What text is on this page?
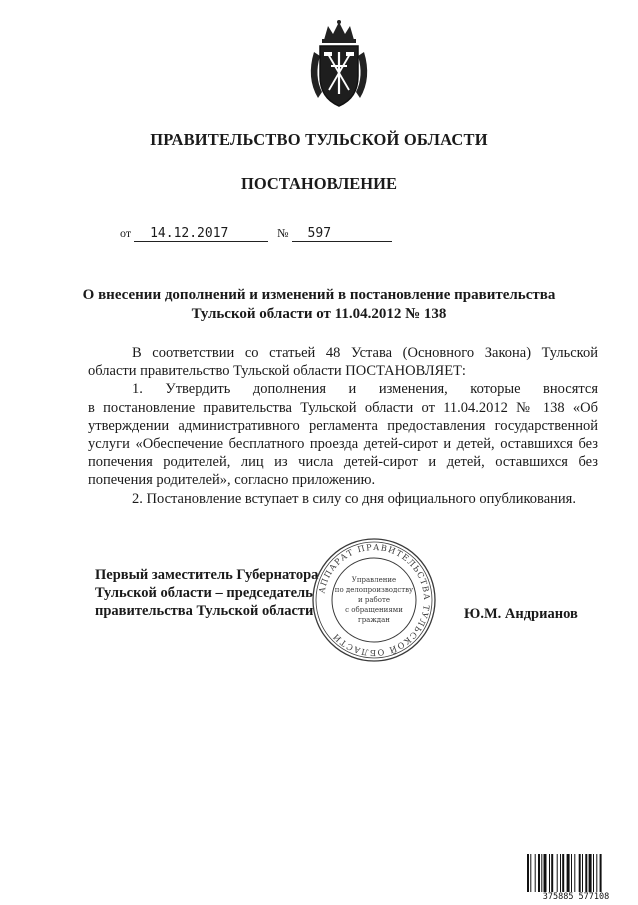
ПРАВИТЕЛЬСТВО ТУЛЬСКОЙ ОБЛАСТИ
ПОСТАНОВЛЕНИЕ
от 14.12.2017	№ 597
О внесении дополнений и изменений в постановление правительства
Тульской области от 11.04.2012 № 138
В соответствии со статьей 48 Устава (Основного Закона) Тульской
области правительство Тульской области ПОСТАНОВЛЯЕТ:
1. Утвердить дополнения и изменения, которые вносятся
в постановление правительства Тульской области от 11.04.2012 № 138 «Об утверждении административного регламента предоставления государственной услуги «Обеспечение бесплатного проезда детей-сирот и детей, оставшихся без попечения родителей, лиц из числа детей-сирот и детей, оставшихся без попечения родителей», согласно приложению.
2. Постановление вступает в силу со дня официального опубликования.
Первый заместитель Губернатора
Тульской области – председатель
правительства Тульской области
АППАРАТ ПРАВИТЕЛЬСТВА ТУЛЬСКОЙ ОБЛАСТИ
Управление
по делопроизводству
и работе
с обращениями
граждан	Ю.М. Андрианов
375885 577108
